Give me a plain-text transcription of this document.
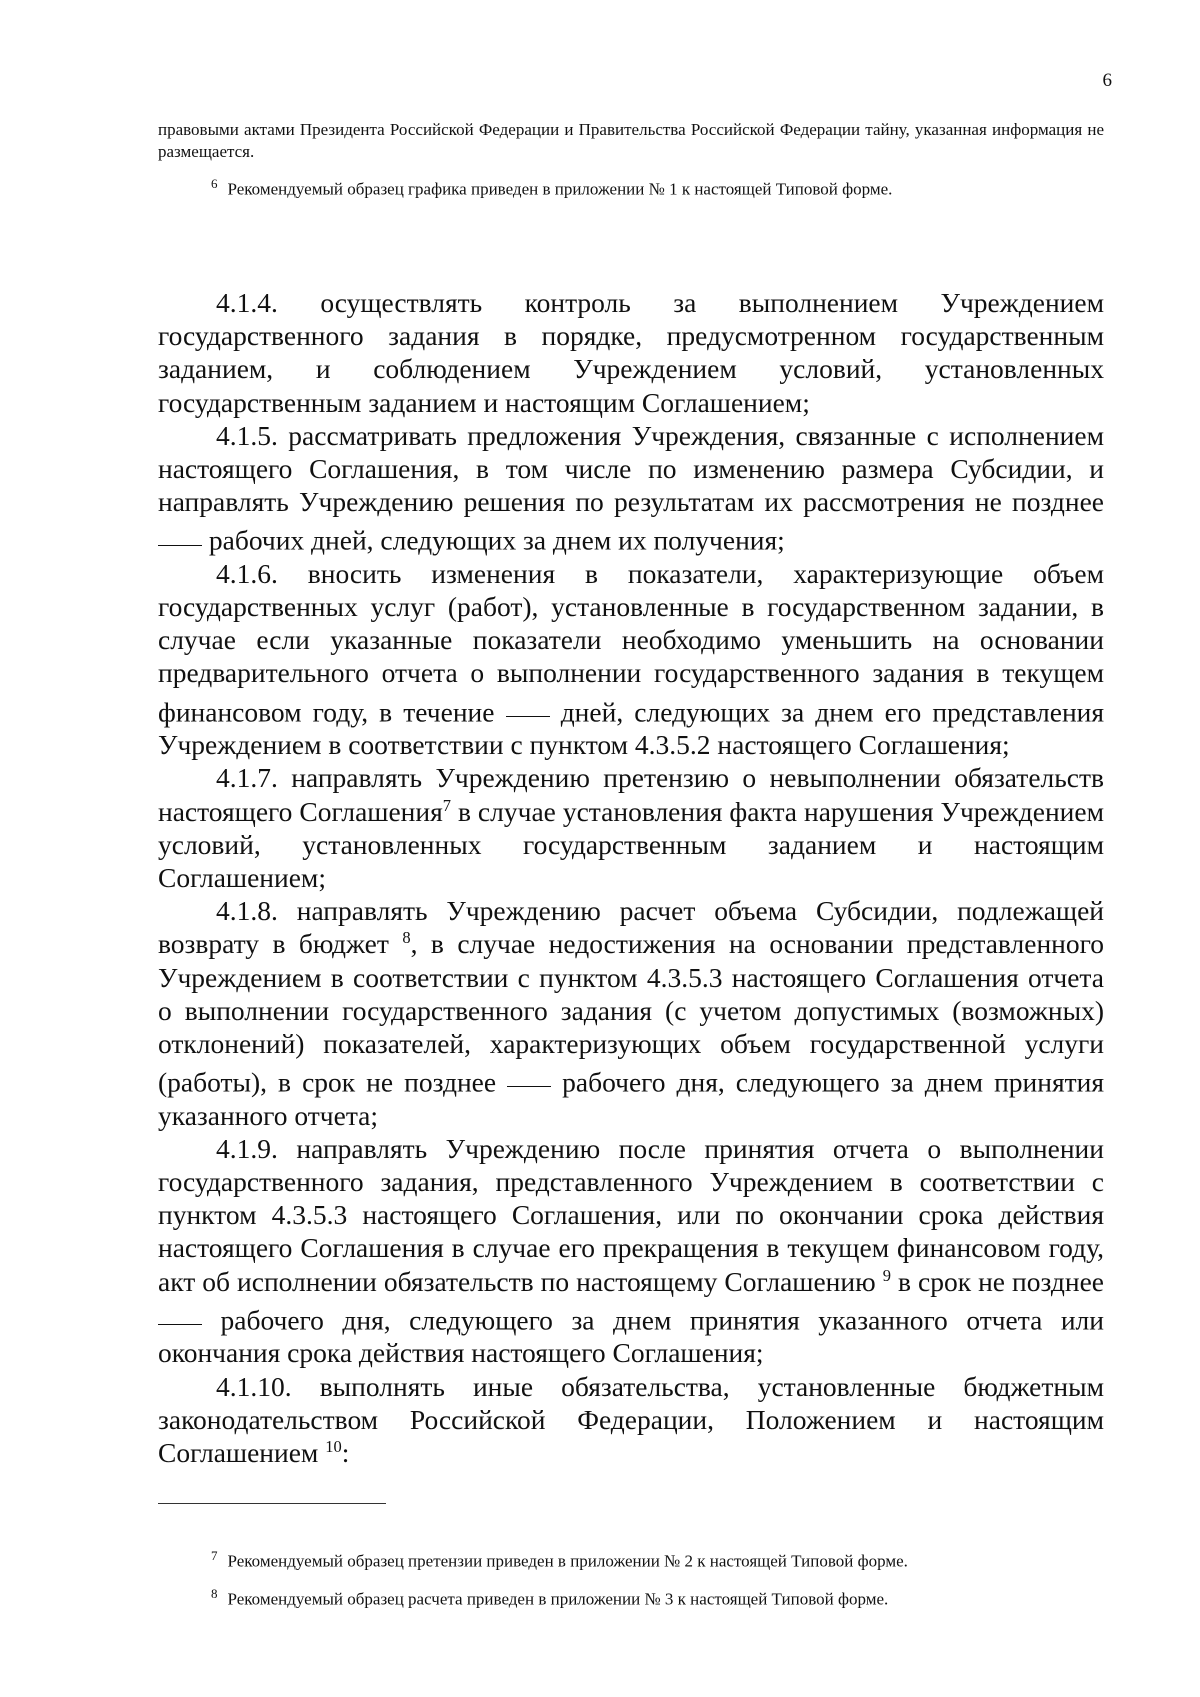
6

правовыми актами Президента Российской Федерации и Правительства Российской Федерации тайну, указанная информация не размещается.

$^6$ Рекомендуемый образец графика приведен в приложении № 1 к настоящей Типовой форме.

4.1.4. осуществлять контроль за выполнением Учреждением государственного задания в порядке, предусмотренном государственным заданием, и соблюдением Учреждением условий, установленных государственным заданием и настоящим Соглашением;

4.1.5. рассматривать предложения Учреждения, связанные с исполнением настоящего Соглашения, в том числе по изменению размера Субсидии, и направлять Учреждению решения по результатам их рассмотрения не позднее  рабочих дней, следующих за днем их получения;

4.1.6. вносить изменения в показатели, характеризующие объем государственных услуг (работ), установленные в государственном задании, в случае если указанные показатели необходимо уменьшить на основании предварительного отчета о выполнении государственного задания в текущем финансовом году, в течение дней, следующих за днем его представления Учреждением в соответствии с пунктом 4.3.5.2 настоящего Соглашения;

4.1.7. направлять Учреждению претензию о невыполнении обязательств настоящего Соглашения$^7$ в случае установления факта нарушения Учреждением условий, установленных государственным заданием и настоящим Соглашением;

4.1.8. направлять Учреждению расчет объема Субсидии, подлежащей возврату в бюджет $^8$, в случае недостижения на основании представленного Учреждением в соответствии с пунктом 4.3.5.3 настоящего Соглашения отчета о выполнении государственного задания (с учетом допустимых (возможных) отклонений) показателей, характеризующих объем государственной услуги (работы), в срок не позднее рабочего дня, следующего за днем принятия указанного отчета;

4.1.9. направлять Учреждению после принятия отчета о выполнении государственного задания, представленного Учреждением в соответствии с пунктом 4.3.5.3 настоящего Соглашения, или по окончании срока действия настоящего Соглашения в случае его прекращения в текущем финансовом году, акт об исполнении обязательств по настоящему Соглашению $^9$ в срок не позднее  рабочего дня, следующего за днем принятия указанного отчета или окончания срока действия настоящего Соглашения;

4.1.10. выполнять иные обязательства, установленные бюджетным законодательством Российской Федерации, Положением и настоящим Соглашением $^{10}$:

$^7$ Рекомендуемый образец претензии приведен в приложении № 2 к настоящей Типовой форме.

$^8$ Рекомендуемый образец расчета приведен в приложении № 3 к настоящей Типовой форме.
